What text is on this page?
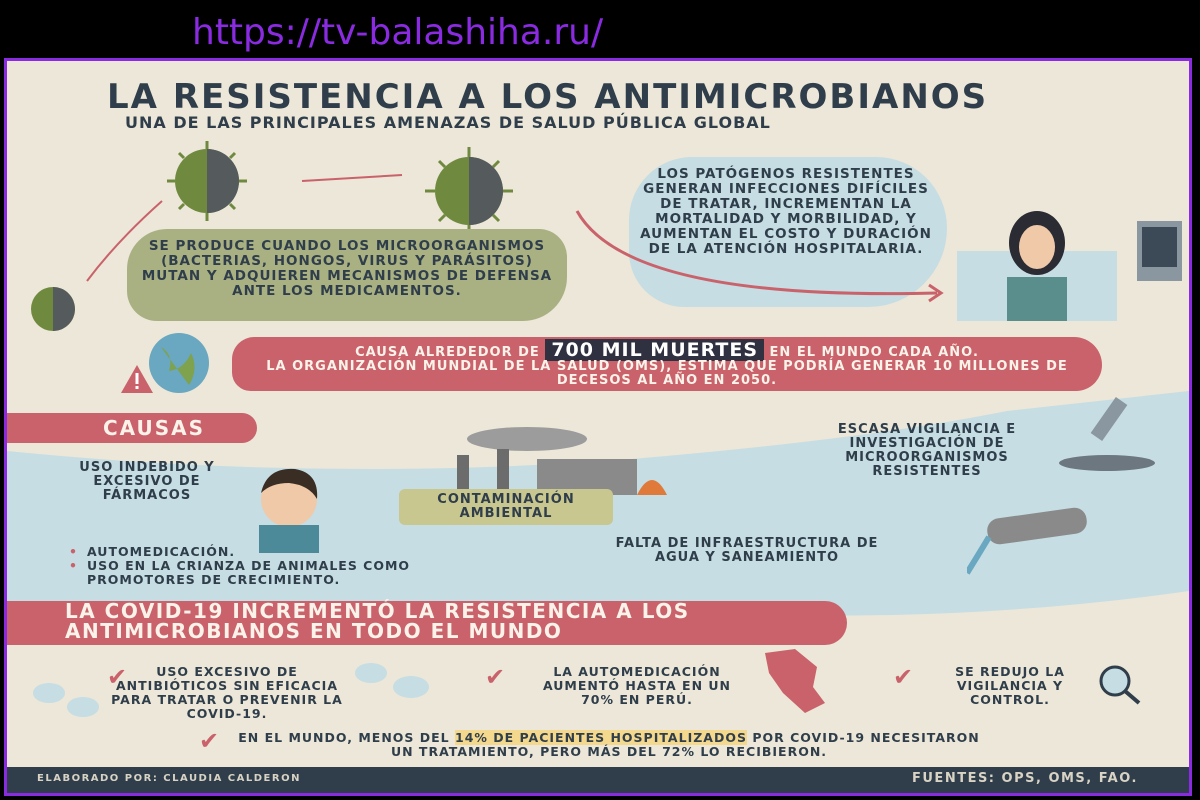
https://tv-balashiha.ru/
LA RESISTENCIA A LOS ANTIMICROBIANOS
UNA DE LAS PRINCIPALES AMENAZAS DE SALUD PÚBLICA GLOBAL
SE PRODUCE CUANDO LOS MICROORGANISMOS (BACTERIAS, HONGOS, VIRUS Y PARÁSITOS) MUTAN Y ADQUIEREN MECANISMOS DE DEFENSA ANTE LOS MEDICAMENTOS.
LOS PATÓGENOS RESISTENTES GENERAN INFECCIONES DIFÍCILES DE TRATAR, INCREMENTAN LA MORTALIDAD Y MORBILIDAD, Y AUMENTAN EL COSTO Y DURACIÓN DE LA ATENCIÓN HOSPITALARIA.
CAUSA ALREDEDOR DE 700 MIL MUERTES EN EL MUNDO CADA AÑO.
LA ORGANIZACIÓN MUNDIAL DE LA SALUD (OMS), ESTIMA QUE PODRÍA GENERAR 10 MILLONES DE DECESOS AL AÑO EN 2050.
CAUSAS
USO INDEBIDO Y EXCESIVO DE FÁRMACOS	CONTAMINACIÓN AMBIENTAL
ESCASA VIGILANCIA E INVESTIGACIÓN DE MICROORGANISMOS RESISTENTES
FALTA DE INFRAESTRUCTURA DE AGUA Y SANEAMIENTO
• AUTOMEDICACIÓN.
• USO EN LA CRIANZA DE ANIMALES COMO PROMOTORES DE CRECIMIENTO.
LA COVID-19 INCREMENTÓ LA RESISTENCIA A LOS ANTIMICROBIANOS EN TODO EL MUNDO
✔	USO EXCESIVO DE ANTIBIÓTICOS SIN EFICACIA PARA TRATAR O PREVENIR LA COVID-19.
✔	LA AUTOMEDICACIÓN AUMENTÓ HASTA EN UN 70% EN PERÚ.
✔	SE REDUJO LA VIGILANCIA Y CONTROL.
✔	EN EL MUNDO, MENOS DEL 14% DE PACIENTES HOSPITALIZADOS POR COVID-19 NECESITARON UN TRATAMIENTO, PERO MÁS DEL 72% LO RECIBIERON.
ELABORADO POR: CLAUDIA CALDERON	FUENTES: OPS, OMS, FAO.
